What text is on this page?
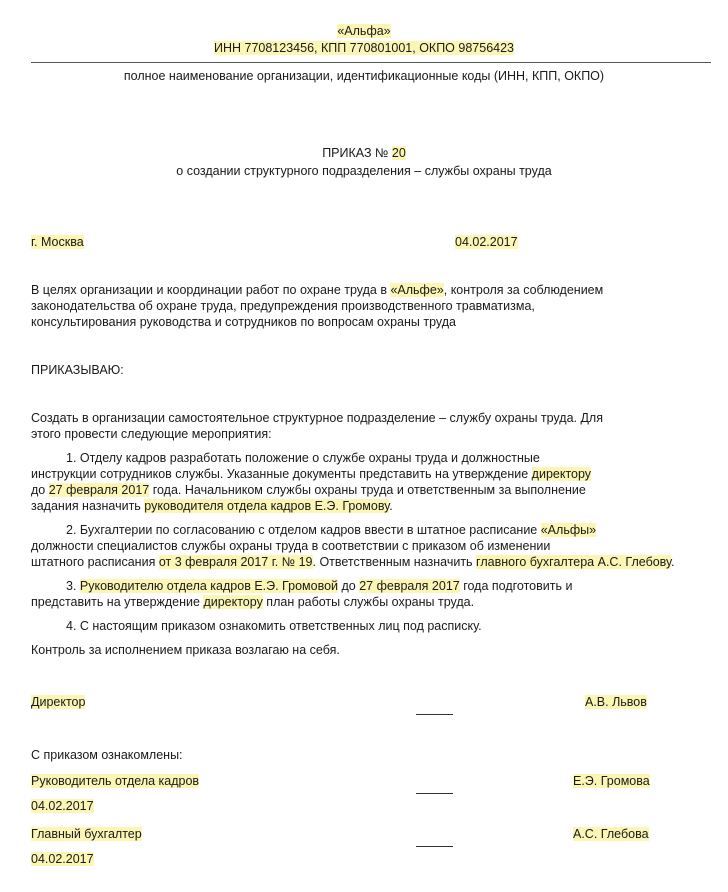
«Альфа»
ИНН 7708123456, КПП 770801001, ОКПО 98756423
полное наименование организации, идентификационные коды (ИНН, КПП, ОКПО)
ПРИКАЗ № 20
о создании структурного подразделения – службы охраны труда
г. Москва	04.02.2017
В целях организации и координации работ по охране труда в «Альфе», контроля за соблюдением
законодательства об охране труда, предупреждения производственного травматизма,
консультирования руководства и сотрудников по вопросам охраны труда
ПРИКАЗЫВАЮ:
Создать в организации самостоятельное структурное подразделение – службу охраны труда. Для
этого провести следующие мероприятия:
1. Отделу кадров разработать положение о службе охраны труда и должностные
инструкции сотрудников службы. Указанные документы представить на утверждение директору
до 27 февраля 2017 года. Начальником службы охраны труда и ответственным за выполнение
задания назначить руководителя отдела кадров Е.Э. Громову.
2. Бухгалтерии по согласованию с отделом кадров ввести в штатное расписание «Альфы»
должности специалистов службы охраны труда в соответствии с приказом об изменении
штатного расписания от 3 февраля 2017 г. № 19. Ответственным назначить главного бухгалтера А.С. Глебову.
3. Руководителю отдела кадров Е.Э. Громовой до 27 февраля 2017 года подготовить и
представить на утверждение директору план работы службы охраны труда.
4. С настоящим приказом ознакомить ответственных лиц под расписку.
Контроль за исполнением приказа возлагаю на себя.
Директор	А.В. Львов
С приказом ознакомлены:
Руководитель отдела кадров	Е.Э. Громова
04.02.2017
Главный бухгалтер	А.С. Глебова
04.02.2017
